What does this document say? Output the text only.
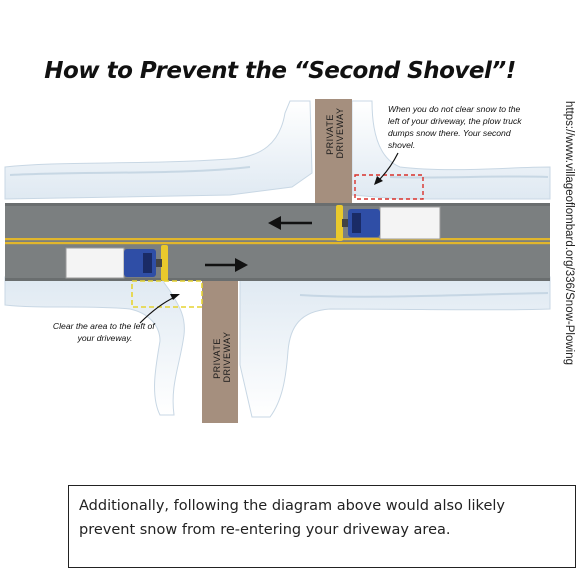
How to Prevent the “Second Shovel”!
PRIVATE DRIVEWAY
PRIVATE DRIVEWAY
When you do not clear snow to the left of your driveway, the plow truck dumps snow there. Your second shovel.
Clear the area to the left of your driveway.	https://www.villageoflombard.org/336/Snow-Plowing
Additionally, following the diagram above would also likely prevent snow from re-entering your driveway area.
